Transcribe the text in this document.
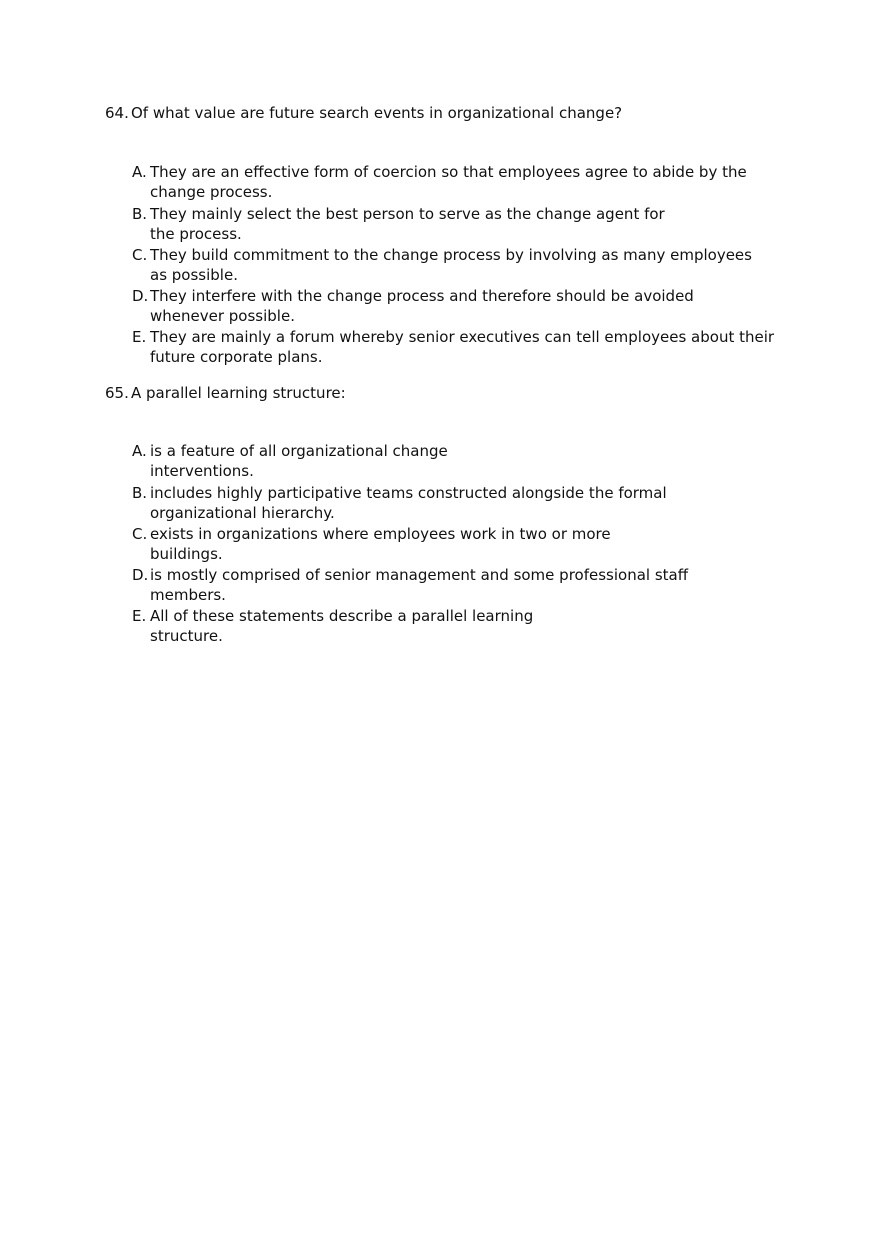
64. Of what value are future search events in organizational change?
A. They are an effective form of coercion so that employees agree to abide by the
change process.
B. They mainly select the best person to serve as the change agent for
the process.
C. They build commitment to the change process by involving as many employees
as possible.
D. They interfere with the change process and therefore should be avoided
whenever possible.
E. They are mainly a forum whereby senior executives can tell employees about their
future corporate plans.
65. A parallel learning structure:
A. is a feature of all organizational change
interventions.
B. includes highly participative teams constructed alongside the formal
organizational hierarchy.
C. exists in organizations where employees work in two or more
buildings.
D. is mostly comprised of senior management and some professional staff
members.
E. All of these statements describe a parallel learning
structure.
